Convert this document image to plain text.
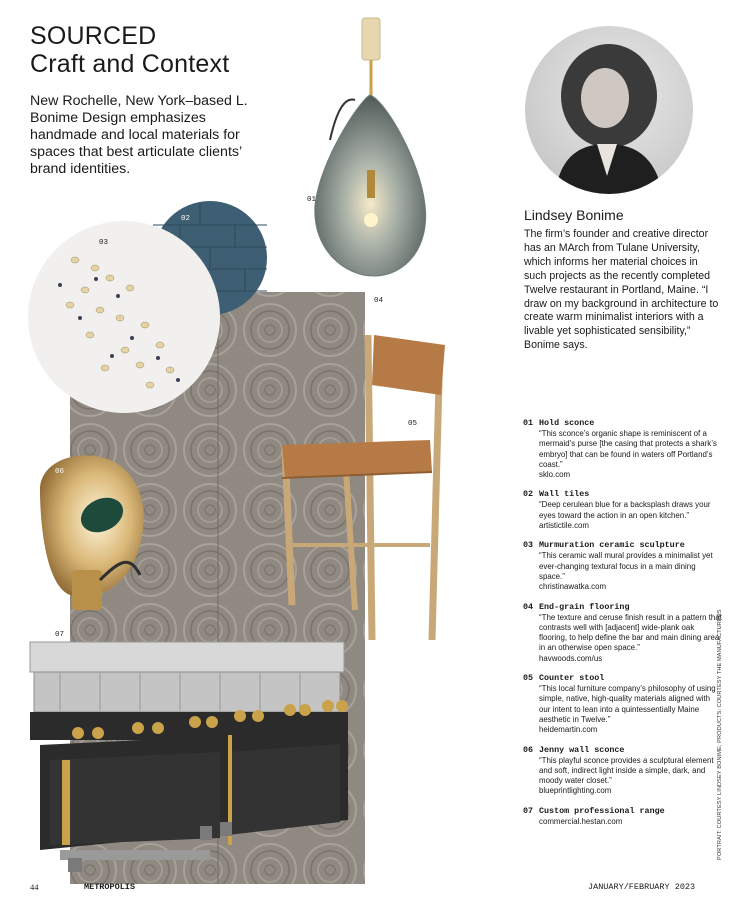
SOURCED
Craft and Context
New Rochelle, New York–based L. Bonime Design emphasizes handmade and local materials for spaces that best articulate clients’ brand identities.
01
02
03
04
05
06
07
Lindsey Bonime
The firm’s founder and creative director has an MArch from Tulane University, which informs her material choices in such projects as the recently completed Twelve restaurant in Portland, Maine. “I draw on my background in architecture to create warm minimalist interiors with a livable yet sophisticated sensibility,” Bonime says.
01 Hold sconce
“This sconce’s organic shape is reminiscent of a mermaid’s purse [the casing that protects a shark’s embryo] that can be found in waters off Portland’s coast.”
sklo.com
02 Wall tiles
“Deep cerulean blue for a backsplash draws your eyes toward the action in an open kitchen.”
artistictile.com
03 Murmuration ceramic sculpture
“This ceramic wall mural provides a minimalist yet ever-changing textural focus in a main dining space.”
christinawatka.com
04 End-grain flooring
“The texture and ceruse finish result in a pattern that contrasts well with [adjacent] wide-plank oak flooring, to help define the bar and main dining area in an otherwise open space.”
havwoods.com/us
05 Counter stool
“This local furniture company’s philosophy of using simple, native, high-quality materials aligned with our intent to lean into a quintessentially Maine aesthetic in Twelve.”
heidemartin.com
06 Jenny wall sconce
“This playful sconce provides a sculptural element and soft, indirect light inside a simple, dark, and moody water closet.”
blueprintlighting.com
07 Custom professional range
commercial.hestan.com	PORTRAIT: COURTESY LINDSEY BONIME; PRODUCTS: COURTESY THE MANUFACTURERS
44	METROPOLIS	JANUARY/FEBRUARY 2023
